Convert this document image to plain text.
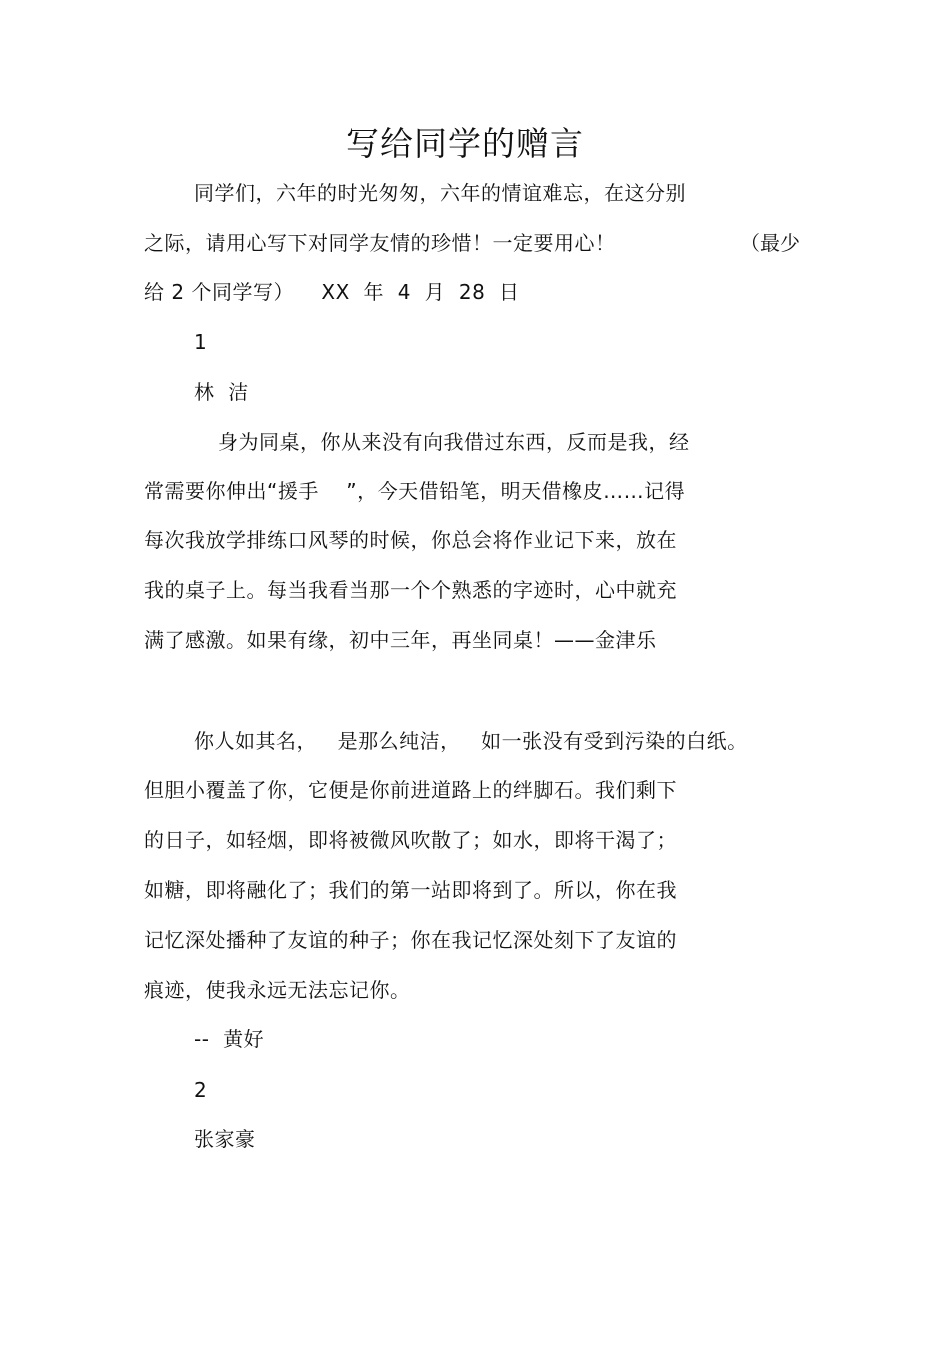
写给同学的赠言
同学们，六年的时光匆匆，六年的情谊难忘，在这分别
之际，请用心写下对同学友情的珍惜！一定要用心！	（最少
给 2 个同学写）    XX  年  4  月  28  日
1
林  洁
身为同桌，你从来没有向我借过东西，反而是我，经
常需要你伸出“援手    ”，今天借铅笔，明天借橡皮……记得
每次我放学排练口风琴的时候，你总会将作业记下来，放在
我的桌子上。每当我看当那一个个熟悉的字迹时，心中就充
满了感激。如果有缘，初中三年，再坐同桌！——金津乐
你人如其名，   是那么纯洁，   如一张没有受到污染的白纸。
但胆小覆盖了你，它便是你前进道路上的绊脚石。我们剩下
的日子，如轻烟，即将被微风吹散了；如水，即将干渴了；
如糖，即将融化了；我们的第一站即将到了。所以，你在我
记忆深处播种了友谊的种子；你在我记忆深处刻下了友谊的
痕迹，使我永远无法忘记你。
--  黄好
2
张家豪
